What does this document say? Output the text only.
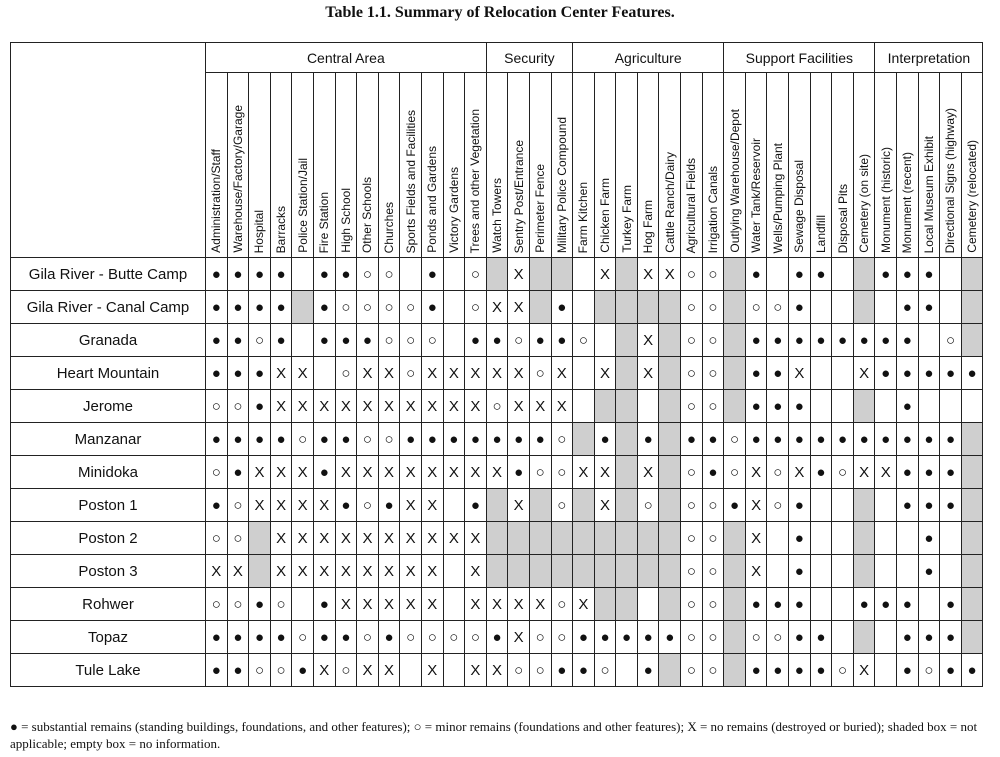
Table 1.1. Summary of Relocation Center Features.
	Central Area													Security				Agriculture							Support Facilities							Interpretation				

	Administration/Staff	Warehouse/Factory/Garage	Hospital	Barracks	Police Station/Jail	Fire Station	High School	Other Schools	Churches	Sports Fields and Facilities	Ponds and Gardens	Victory Gardens	Trees and other Vegetation	Watch Towers	Sentry Post/Entrance	Perimeter Fence	Military Police Compound	Farm Kitchen	Chicken Farm	Turkey Farm	Hog Farm	Cattle Ranch/Dairy	Agricultural Fields	Irrigation Canals	Outlying Warehouse/Depot	Water Tank/Reservoir	Wells/Pumping Plant	Sewage Disposal	Landfill	Disposal Pits	Cemetery (on site)	Monument (historic)	Monument (recent)	Local Museum Exhibit	Directional Signs (highway)	Cemetery (relocated)

Gila River - Butte Camp	●	●	●	●		●	●	○	○		●		○		X				X		X	X	○	○		●		●	●			●	●	●		
Gila River - Canal Camp	●	●	●	●		●	○	○	○	○	●		○	X	X		●						○	○		○	○	●					●	●		
Granada	●	●	○	●		●	●	●	○	○	○		●	●	○	●	●	○			X		○	○		●	●	●	●	●	●	●	●		○	
Heart Mountain	●	●	●	X	X		○	X	X	○	X	X	X	X	X	○	X		X		X		○	○		●	●	X			X	●	●	●	●	●
Jerome	○	○	●	X	X	X	X	X	X	X	X	X	X	○	X	X	X						○	○		●	●	●					●			
Manzanar	●	●	●	●	○	●	●	○	○	●	●	●	●	●	●	●	○		●		●		●	●	○	●	●	●	●	●	●	●	●	●	●	
Minidoka	○	●	X	X	X	●	X	X	X	X	X	X	X	X	●	○	○	X	X		X		○	●	○	X	○	X	●	○	X	X	●	●	●	
Poston 1	●	○	X	X	X	X	●	○	●	X	X		●		X		○		X		○		○	○	●	X	○	●					●	●	●	
Poston 2	○	○		X	X	X	X	X	X	X	X	X	X										○	○		X		●						●		
Poston 3	X	X		X	X	X	X	X	X	X	X		X										○	○		X		●						●		
Rohwer	○	○	●	○		●	X	X	X	X	X		X	X	X	X	○	X					○	○		●	●	●			●	●	●		●	
Topaz	●	●	●	●	○	●	●	○	●	○	○	○	○	●	X	○	○	●	●	●	●	●	○	○		○	○	●	●				●	●	●	
Tule Lake	●	●	○	○	●	X	○	X	X		X		X	X	○	○	●	●	○		●		○	○		●	●	●	●	○	X		●	○	●	●
● = substantial remains (standing buildings, foundations, and other features); ○ = minor remains (foundations and other features); X = no remains (destroyed or buried); shaded box = not applicable; empty box = no information.
